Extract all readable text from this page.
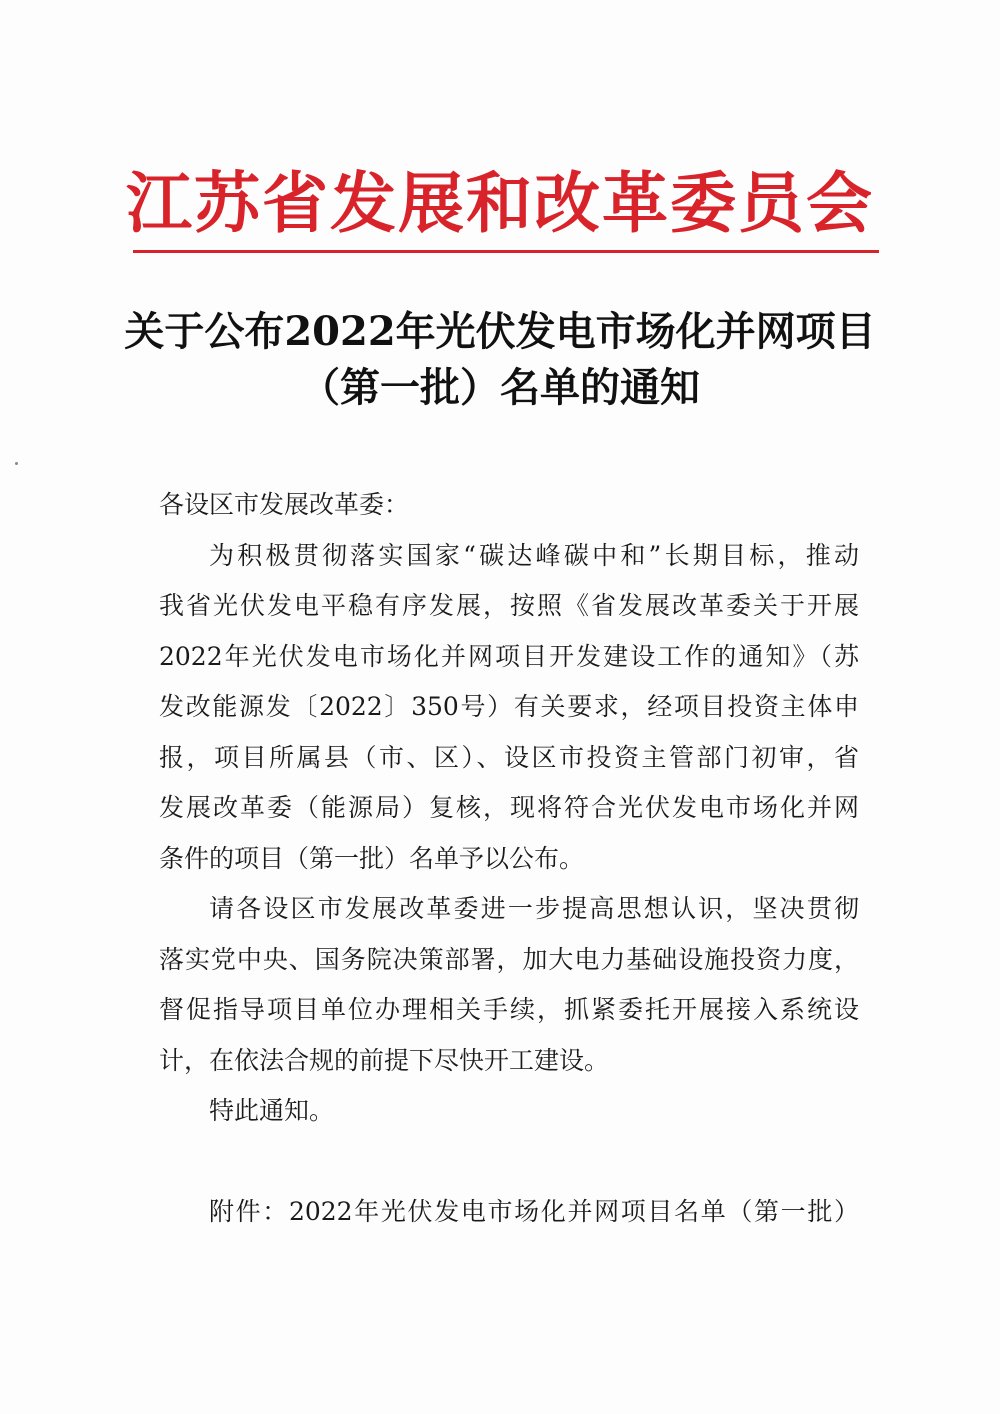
江苏省发展和改革委员会
关于公布2022年光伏发电市场化并网项目
（第一批）名单的通知
各设区市发展改革委：
为积极贯彻落实国家“碳达峰碳中和”长期目标，推动
我省光伏发电平稳有序发展，按照《省发展改革委关于开展
2022年光伏发电市场化并网项目开发建设工作的通知》（苏
发改能源发〔2022〕350号）有关要求，经项目投资主体申
报，项目所属县（市、区）、设区市投资主管部门初审，省
发展改革委（能源局）复核，现将符合光伏发电市场化并网
条件的项目（第一批）名单予以公布。
请各设区市发展改革委进一步提高思想认识，坚决贯彻
落实党中央、国务院决策部署，加大电力基础设施投资力度，
督促指导项目单位办理相关手续，抓紧委托开展接入系统设
计，在依法合规的前提下尽快开工建设。
特此通知。
附件：2022年光伏发电市场化并网项目名单（第一批）
